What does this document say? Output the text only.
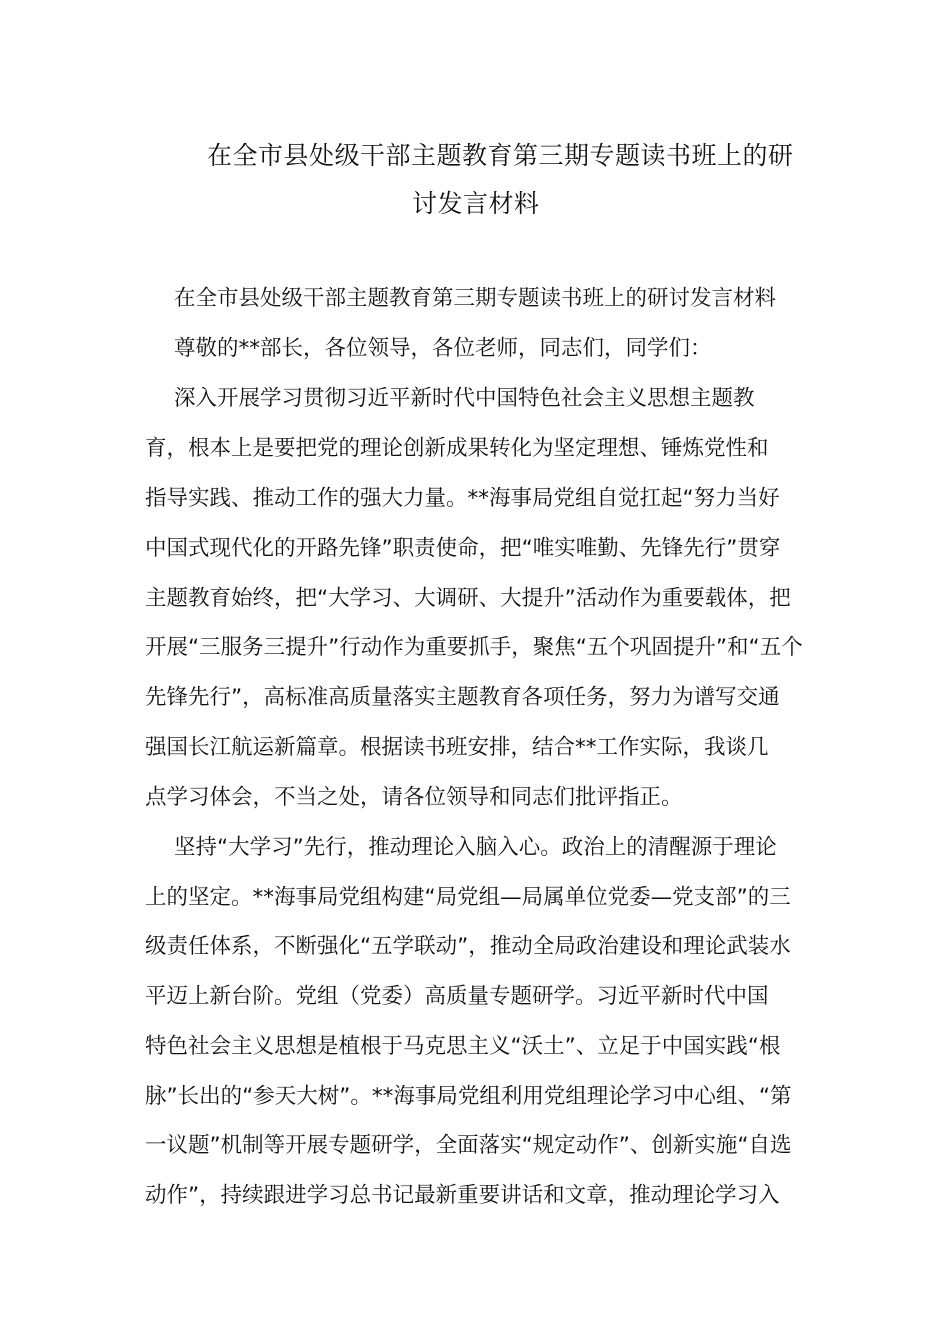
在全市县处级干部主题教育第三期专题读书班上的研
讨发言材料
在全市县处级干部主题教育第三期专题读书班上的研讨发言材料
尊敬的**部长，各位领导，各位老师，同志们，同学们：
深入开展学习贯彻习近平新时代中国特色社会主义思想主题教
育，根本上是要把党的理论创新成果转化为坚定理想、锤炼党性和
指导实践、推动工作的强大力量。**海事局党组自觉扛起“努力当好
中国式现代化的开路先锋”职责使命，把“唯实唯勤、先锋先行”贯穿
主题教育始终，把“大学习、大调研、大提升”活动作为重要载体，把
开展“三服务三提升”行动作为重要抓手，聚焦“五个巩固提升”和“五个
先锋先行”，高标准高质量落实主题教育各项任务，努力为谱写交通
强国长江航运新篇章。根据读书班安排，结合**工作实际，我谈几
点学习体会，不当之处，请各位领导和同志们批评指正。
坚持“大学习”先行，推动理论入脑入心。政治上的清醒源于理论
上的坚定。**海事局党组构建“局党组—局属单位党委—党支部”的三
级责任体系，不断强化“五学联动”，推动全局政治建设和理论武装水
平迈上新台阶。党组（党委）高质量专题研学。习近平新时代中国
特色社会主义思想是植根于马克思主义“沃土”、立足于中国实践“根
脉”长出的“参天大树”。**海事局党组利用党组理论学习中心组、“第
一议题”机制等开展专题研学，全面落实“规定动作”、创新实施“自选
动作”，持续跟进学习总书记最新重要讲话和文章，推动理论学习入
